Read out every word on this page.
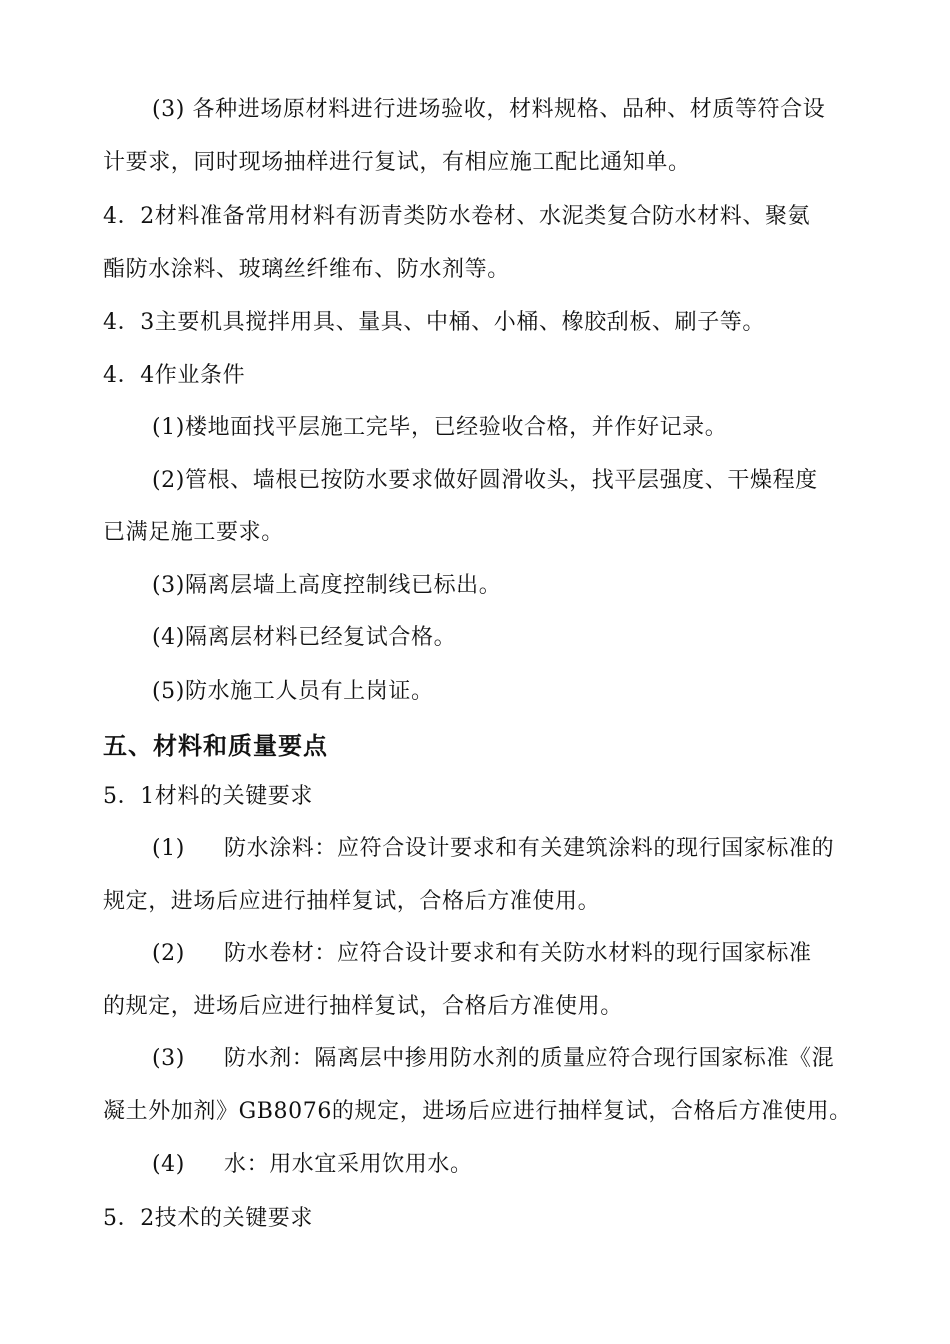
(3) 各种进场原材料进行进场验收，材料规格、品种、材质等符合设
计要求，同时现场抽样进行复试，有相应施工配比通知单。
4．2材料准备常用材料有沥青类防水卷材、水泥类复合防水材料、聚氨
酯防水涂料、玻璃丝纤维布、防水剂等。
4．3主要机具搅拌用具、量具、中桶、小桶、橡胶刮板、刷子等。
4．4作业条件
(1)楼地面找平层施工完毕，已经验收合格，并作好记录。
(2)管根、墙根已按防水要求做好圆滑收头，找平层强度、干燥程度
已满足施工要求。
(3)隔离层墙上高度控制线已标出。
(4)隔离层材料已经复试合格。
(5)防水施工人员有上岗证。
五、材料和质量要点
5．1材料的关键要求
(1) 防水涂料：应符合设计要求和有关建筑涂料的现行国家标准的
规定，进场后应进行抽样复试，合格后方准使用。
(2) 防水卷材：应符合设计要求和有关防水材料的现行国家标准
的规定，进场后应进行抽样复试，合格后方准使用。
(3) 防水剂：隔离层中掺用防水剂的质量应符合现行国家标准《混
凝土外加剂》GB8076的规定，进场后应进行抽样复试，合格后方准使用。
(4) 水：用水宜采用饮用水。
5．2技术的关键要求
